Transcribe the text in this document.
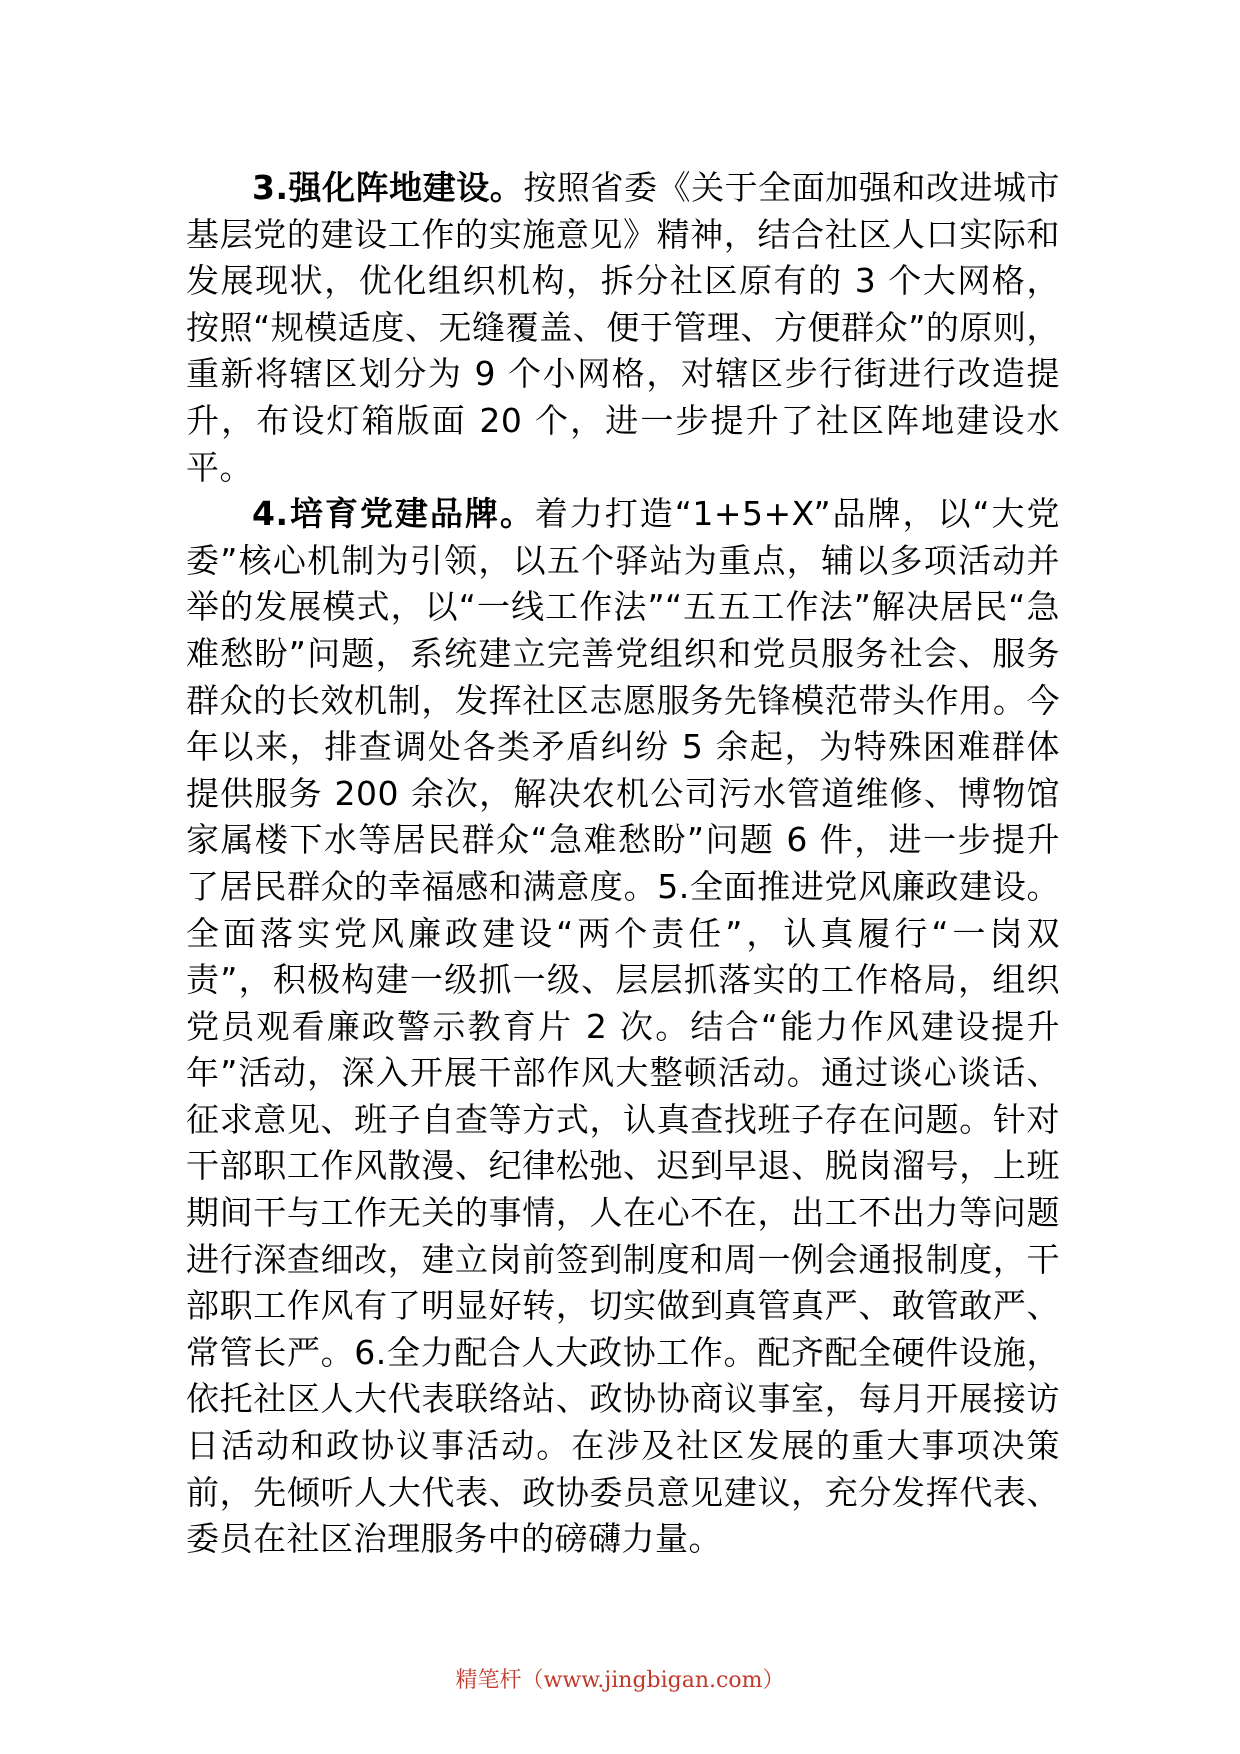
3.强化阵地建设。按照省委《关于全面加强和改进城市基层党的建设工作的实施意见》精神，结合社区人口实际和发展现状，优化组织机构，拆分社区原有的 3 个大网格，按照“规模适度、无缝覆盖、便于管理、方便群众”的原则，重新将辖区划分为 9 个小网格，对辖区步行街进行改造提升，布设灯箱版面 20 个，进一步提升了社区阵地建设水平。

4.培育党建品牌。着力打造“1+5+X”品牌，以“大党委”核心机制为引领，以五个驿站为重点，辅以多项活动并举的发展模式，以“一线工作法”“五五工作法”解决居民“急难愁盼”问题，系统建立完善党组织和党员服务社会、服务群众的长效机制，发挥社区志愿服务先锋模范带头作用。今年以来，排查调处各类矛盾纠纷 5 余起，为特殊困难群体提供服务 200 余次，解决农机公司污水管道维修、博物馆家属楼下水等居民群众“急难愁盼”问题 6 件，进一步提升了居民群众的幸福感和满意度。5.全面推进党风廉政建设。全面落实党风廉政建设“两个责任”，认真履行“一岗双责”，积极构建一级抓一级、层层抓落实的工作格局，组织党员观看廉政警示教育片 2 次。结合“能力作风建设提升年”活动，深入开展干部作风大整顿活动。通过谈心谈话、征求意见、班子自查等方式，认真查找班子存在问题。针对干部职工作风散漫、纪律松弛、迟到早退、脱岗溜号，上班期间干与工作无关的事情，人在心不在，出工不出力等问题进行深查细改，建立岗前签到制度和周一例会通报制度，干部职工作风有了明显好转，切实做到真管真严、敢管敢严、常管长严。6.全力配合人大政协工作。配齐配全硬件设施，依托社区人大代表联络站、政协协商议事室，每月开展接访日活动和政协议事活动。在涉及社区发展的重大事项决策前，先倾听人大代表、政协委员意见建议，充分发挥代表、委员在社区治理服务中的磅礴力量。

精笔杆（www.jingbigan.com）
